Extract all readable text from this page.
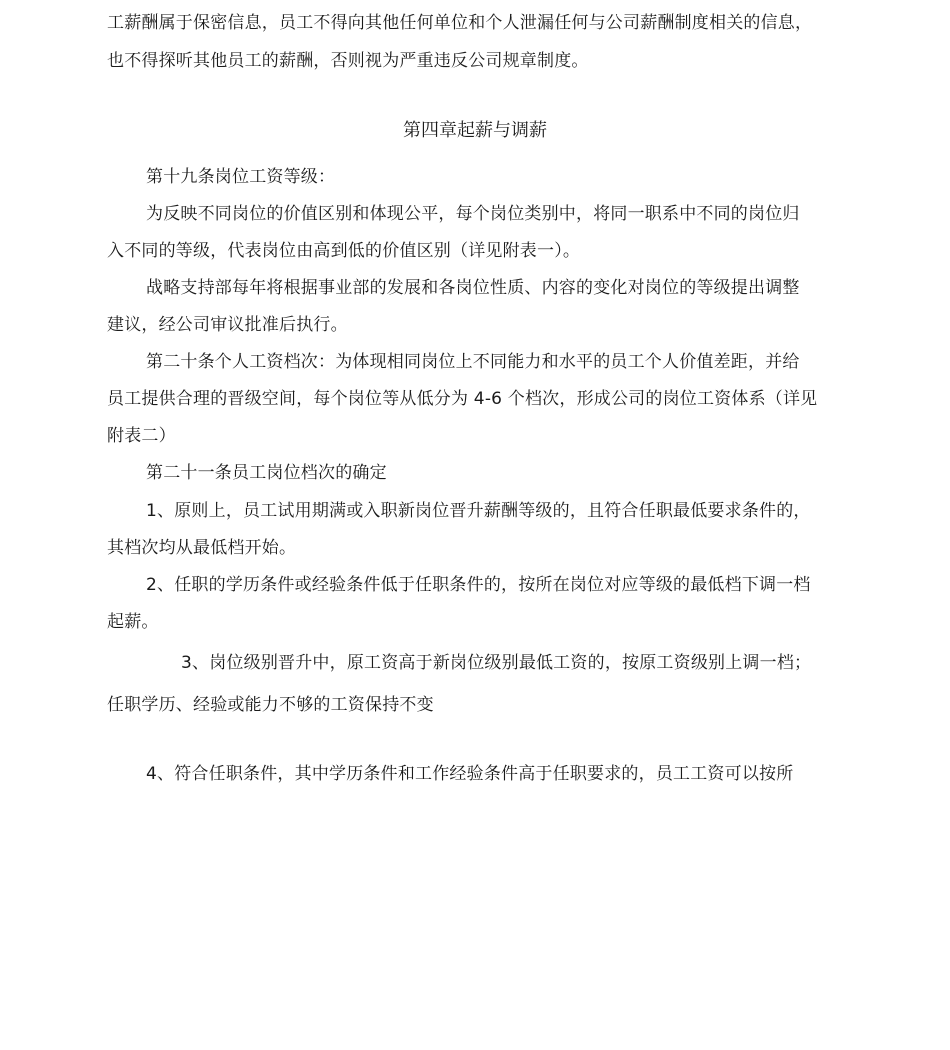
工薪酬属于保密信息，员工不得向其他任何单位和个人泄漏任何与公司薪酬制度相关的信息，
也不得探听其他员工的薪酬，否则视为严重违反公司规章制度。
第四章起薪与调薪
第十九条岗位工资等级：
为反映不同岗位的价值区别和体现公平，每个岗位类别中，将同一职系中不同的岗位归
入不同的等级，代表岗位由高到低的价值区别（详见附表一）。
战略支持部每年将根据事业部的发展和各岗位性质、内容的变化对岗位的等级提出调整
建议，经公司审议批准后执行。
第二十条个人工资档次：为体现相同岗位上不同能力和水平的员工个人价值差距，并给
员工提供合理的晋级空间，每个岗位等从低分为 4-6 个档次，形成公司的岗位工资体系（详见
附表二）
第二十一条员工岗位档次的确定
1、原则上，员工试用期满或入职新岗位晋升薪酬等级的，且符合任职最低要求条件的，
其档次均从最低档开始。
2、任职的学历条件或经验条件低于任职条件的，按所在岗位对应等级的最低档下调一档
起薪。
3、岗位级别晋升中，原工资高于新岗位级别最低工资的，按原工资级别上调一档；
任职学历、经验或能力不够的工资保持不变
4、符合任职条件，其中学历条件和工作经验条件高于任职要求的，员工工资可以按所
